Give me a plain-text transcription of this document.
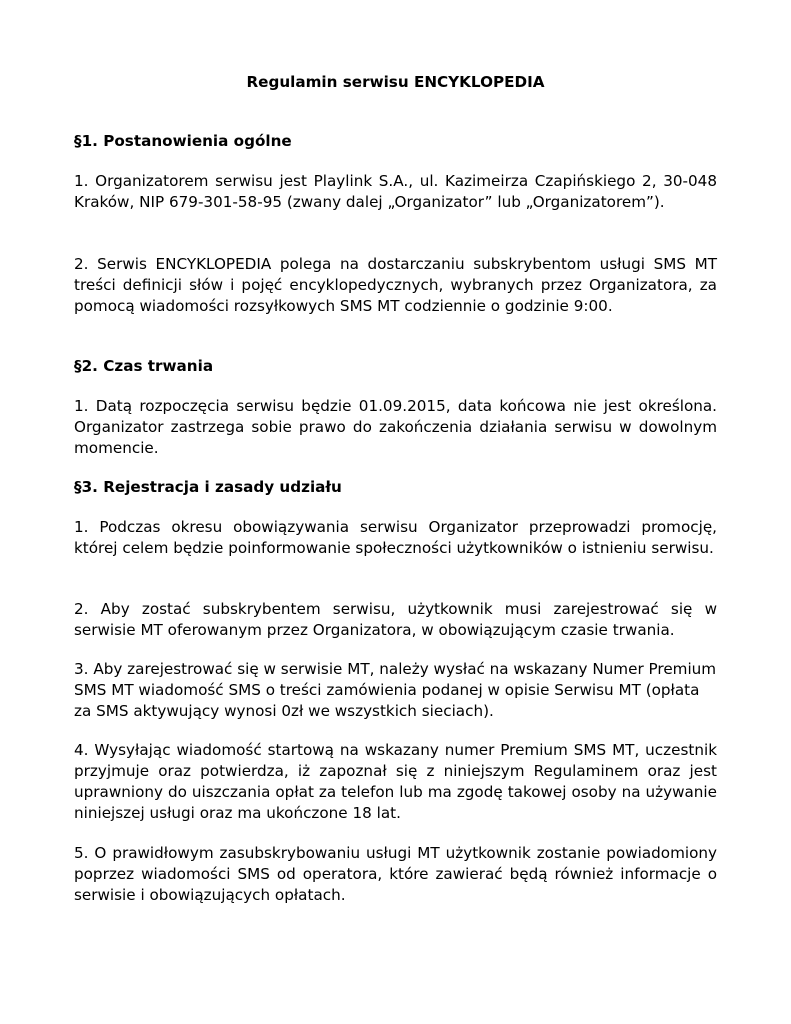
Regulamin serwisu ENCYKLOPEDIA
§1. Postanowienia ogólne

1. Organizatorem serwisu jest Playlink S.A., ul. Kazimeirza Czapińskiego 2, 30-048 Kraków, NIP 679-301-58-95 (zwany dalej „Organizator” lub „Organizatorem”).

2. Serwis ENCYKLOPEDIA polega na dostarczaniu subskrybentom usługi SMS MT treści definicji słów i pojęć encyklopedycznych, wybranych przez Organizatora, za pomocą wiadomości rozsyłkowych SMS MT codziennie o godzinie 9:00.

§2. Czas trwania

1. Datą rozpoczęcia serwisu będzie 01.09.2015, data końcowa nie jest określona. Organizator zastrzega sobie prawo do zakończenia działania serwisu w dowolnym momencie.

§3. Rejestracja i zasady udziału

1. Podczas okresu obowiązywania serwisu Organizator przeprowadzi promocję, której celem będzie poinformowanie społeczności użytkowników o istnieniu serwisu.

2. Aby zostać subskrybentem serwisu, użytkownik musi zarejestrować się w serwisie MT oferowanym przez Organizatora, w obowiązującym czasie trwania.

3. Aby zarejestrować się w serwisie MT, należy wysłać na wskazany Numer Premium SMS MT wiadomość SMS o treści zamówienia podanej w opisie Serwisu MT (opłata za SMS aktywujący wynosi 0zł we wszystkich sieciach).

4. Wysyłając wiadomość startową na wskazany numer Premium SMS MT, uczestnik przyjmuje oraz potwierdza, iż zapoznał się z niniejszym Regulaminem oraz jest uprawniony do uiszczania opłat za telefon lub ma zgodę takowej osoby na używanie niniejszej usługi oraz ma ukończone 18 lat.

5. O prawidłowym zasubskrybowaniu usługi MT użytkownik zostanie powiadomiony poprzez wiadomości SMS od operatora, które zawierać będą również informacje o serwisie i obowiązujących opłatach.
